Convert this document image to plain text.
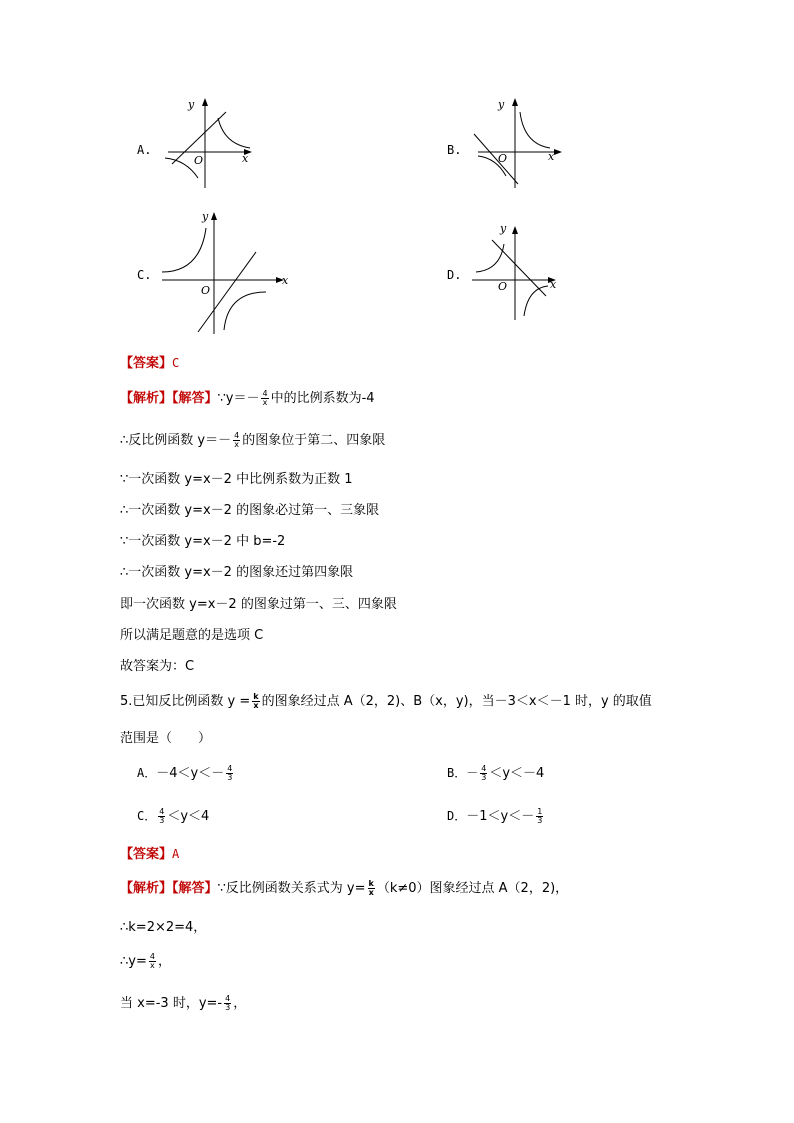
A.
y
x
O
B.
y
x
O
C.
y
x
O
D.
y
x
O
【答案】C
【解析】【解答】∵y＝－ $\frac{4}{x}$ 中的比例系数为-4
∴反比例函数 $y=- \frac{4}{x}$ 的图象位于第二、四象限
∵一次函数 y=x－2 中比例系数为正数 1
∴一次函数 y=x－2 的图象必过第一、三象限
∵一次函数 y=x－2 中 b=-2
∴一次函数 y=x－2 的图象还过第四象限
即一次函数 y=x－2 的图象过第一、三、四象限
所以满足题意的是选项 C
故答案为：C
5.已知反比例函数 $y = \frac{k}{x}$ 的图象经过点 A（2，2)、B（x，y)，当－3＜x＜－1 时，y 的取值
范围是（　　）
A．$-4<y<- \frac{4}{3}$	B．－ $\frac{4}{3} <y<-4$
C． $\frac{4}{3} <y<4$	D．$-1<y<- \frac{1}{3}$
【答案】A
【解析】【解答】∵反比例函数关系式为 $y= \frac{k}{x} (k\ne 0)$图象经过点 A（2，2)，
∴k=2×2=4，
∴y= $\frac{4}{x}$ ，
当 x=-3 时，$y=- \frac{4}{3}$ ，
